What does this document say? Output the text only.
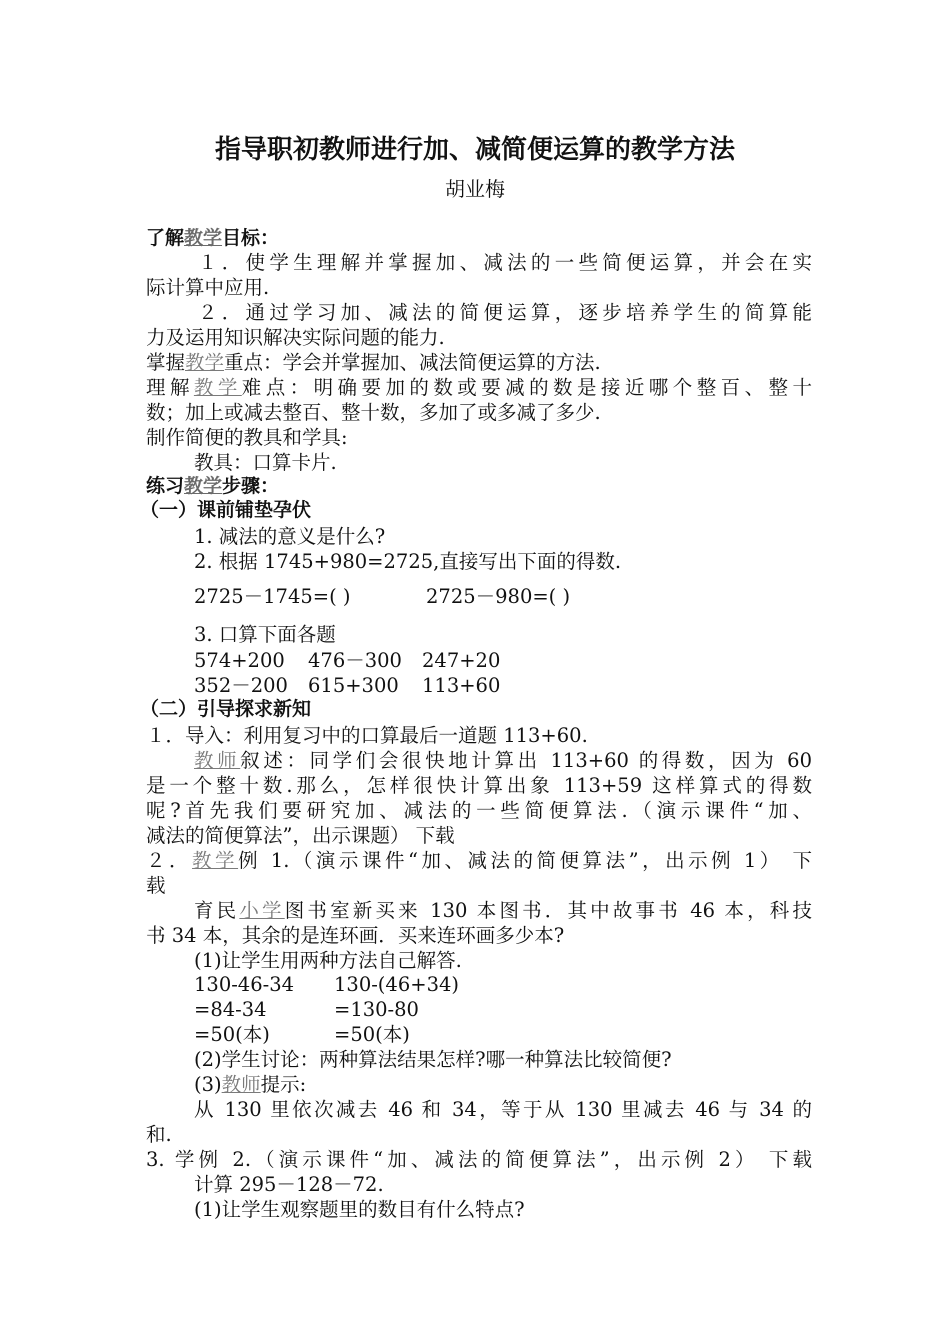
指导职初教师进行加、减简便运算的教学方法
胡业梅
了解教学目标：
１．使学生理解并掌握加、减法的一些简便运算，并会在实
际计算中应用.
２．通过学习加、减法的简便运算，逐步培养学生的简算能
力及运用知识解决实际问题的能力.
掌握教学重点：学会并掌握加、减法简便运算的方法.
理解教学难点：明确要加的数或要减的数是接近哪个整百、整十
数；加上或减去整百、整十数，多加了或多减了多少.
制作简便的教具和学具:
教具：口算卡片.
练习教学步骤：
（一）课前铺垫孕伏
1. 减法的意义是什么?
2. 根据 1745+980=2725,直接写出下面的得数.
2725－1745=( )	2725－980=( )
3. 口算下面各题
574+200 476－300 247+20
352－200 615+300 113+60
（二）引导探求新知
１．导入：利用复习中的口算最后一道题 113+60.
教师叙述：同学们会很快地计算出 113+60 的得数，因为 60
是一个整十数.那么，怎样很快计算出象 113+59 这样算式的得数
呢?首先我们要研究加、减法的一些简便算法.（演示课件“加、
减法的简便算法”，出示课题） 下载
２．教学例 1.（演示课件“加、减法的简便算法”，出示例 1） 下
载
育民小学图书室新买来 130 本图书．其中故事书 46 本，科技
书 34 本，其余的是连环画．买来连环画多少本?
(1)让学生用两种方法自己解答.
130-46-34 130-(46+34)
=84-34	=130-80
=50(本)	=50(本)
(2)学生讨论：两种算法结果怎样?哪一种算法比较简便?
(3)教师提示:
从 130 里依次减去 46 和 34，等于从 130 里减去 46 与 34 的
和.
3. 学例 2.（演示课件“加、减法的简便算法”，出示例 2） 下载
计算 295－128－72.
(1)让学生观察题里的数目有什么特点?
